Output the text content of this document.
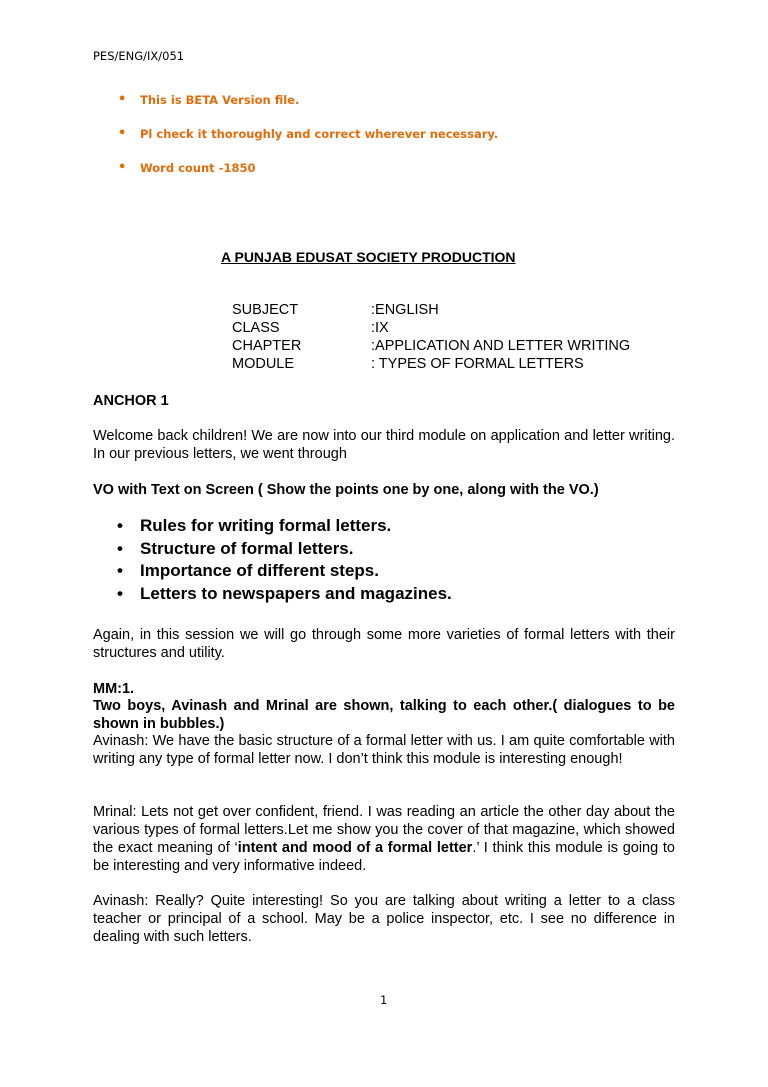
PES/ENG/IX/051
• This is BETA Version file.
• Pl check it thoroughly and correct wherever necessary.
• Word count -1850
A PUNJAB EDUSAT SOCIETY PRODUCTION
SUBJECT	:ENGLISH
CLASS	:IX
CHAPTER	:APPLICATION AND LETTER WRITING
MODULE	: TYPES OF FORMAL LETTERS
ANCHOR 1

Welcome back children! We are now into our third module on application and letter writing. In our previous letters, we went through

VO with Text on Screen ( Show the points one by one, along with the VO.)
• Rules for writing formal letters.
• Structure of formal letters.
• Importance of different steps.
• Letters to newspapers and magazines.

Again, in this session we will go through some more varieties of formal letters with their structures and utility.

MM:1.

Two boys, Avinash and Mrinal are shown, talking to each other.( dialogues to be shown in bubbles.)

Avinash: We have the basic structure of a formal letter with us. I am quite comfortable with writing any type of formal letter now. I don’t think this module is interesting enough!

Mrinal: Lets not get over confident, friend. I was reading an article the other day about the various types of formal letters.Let me show you the cover of that magazine, which showed the exact meaning of ‘intent and mood of a formal letter.’ I think this module is going to be interesting and very informative indeed.

Avinash: Really? Quite interesting! So you are talking about writing a letter to a class teacher or principal of a school. May be a police inspector, etc. I see no difference in dealing with such letters.

1
